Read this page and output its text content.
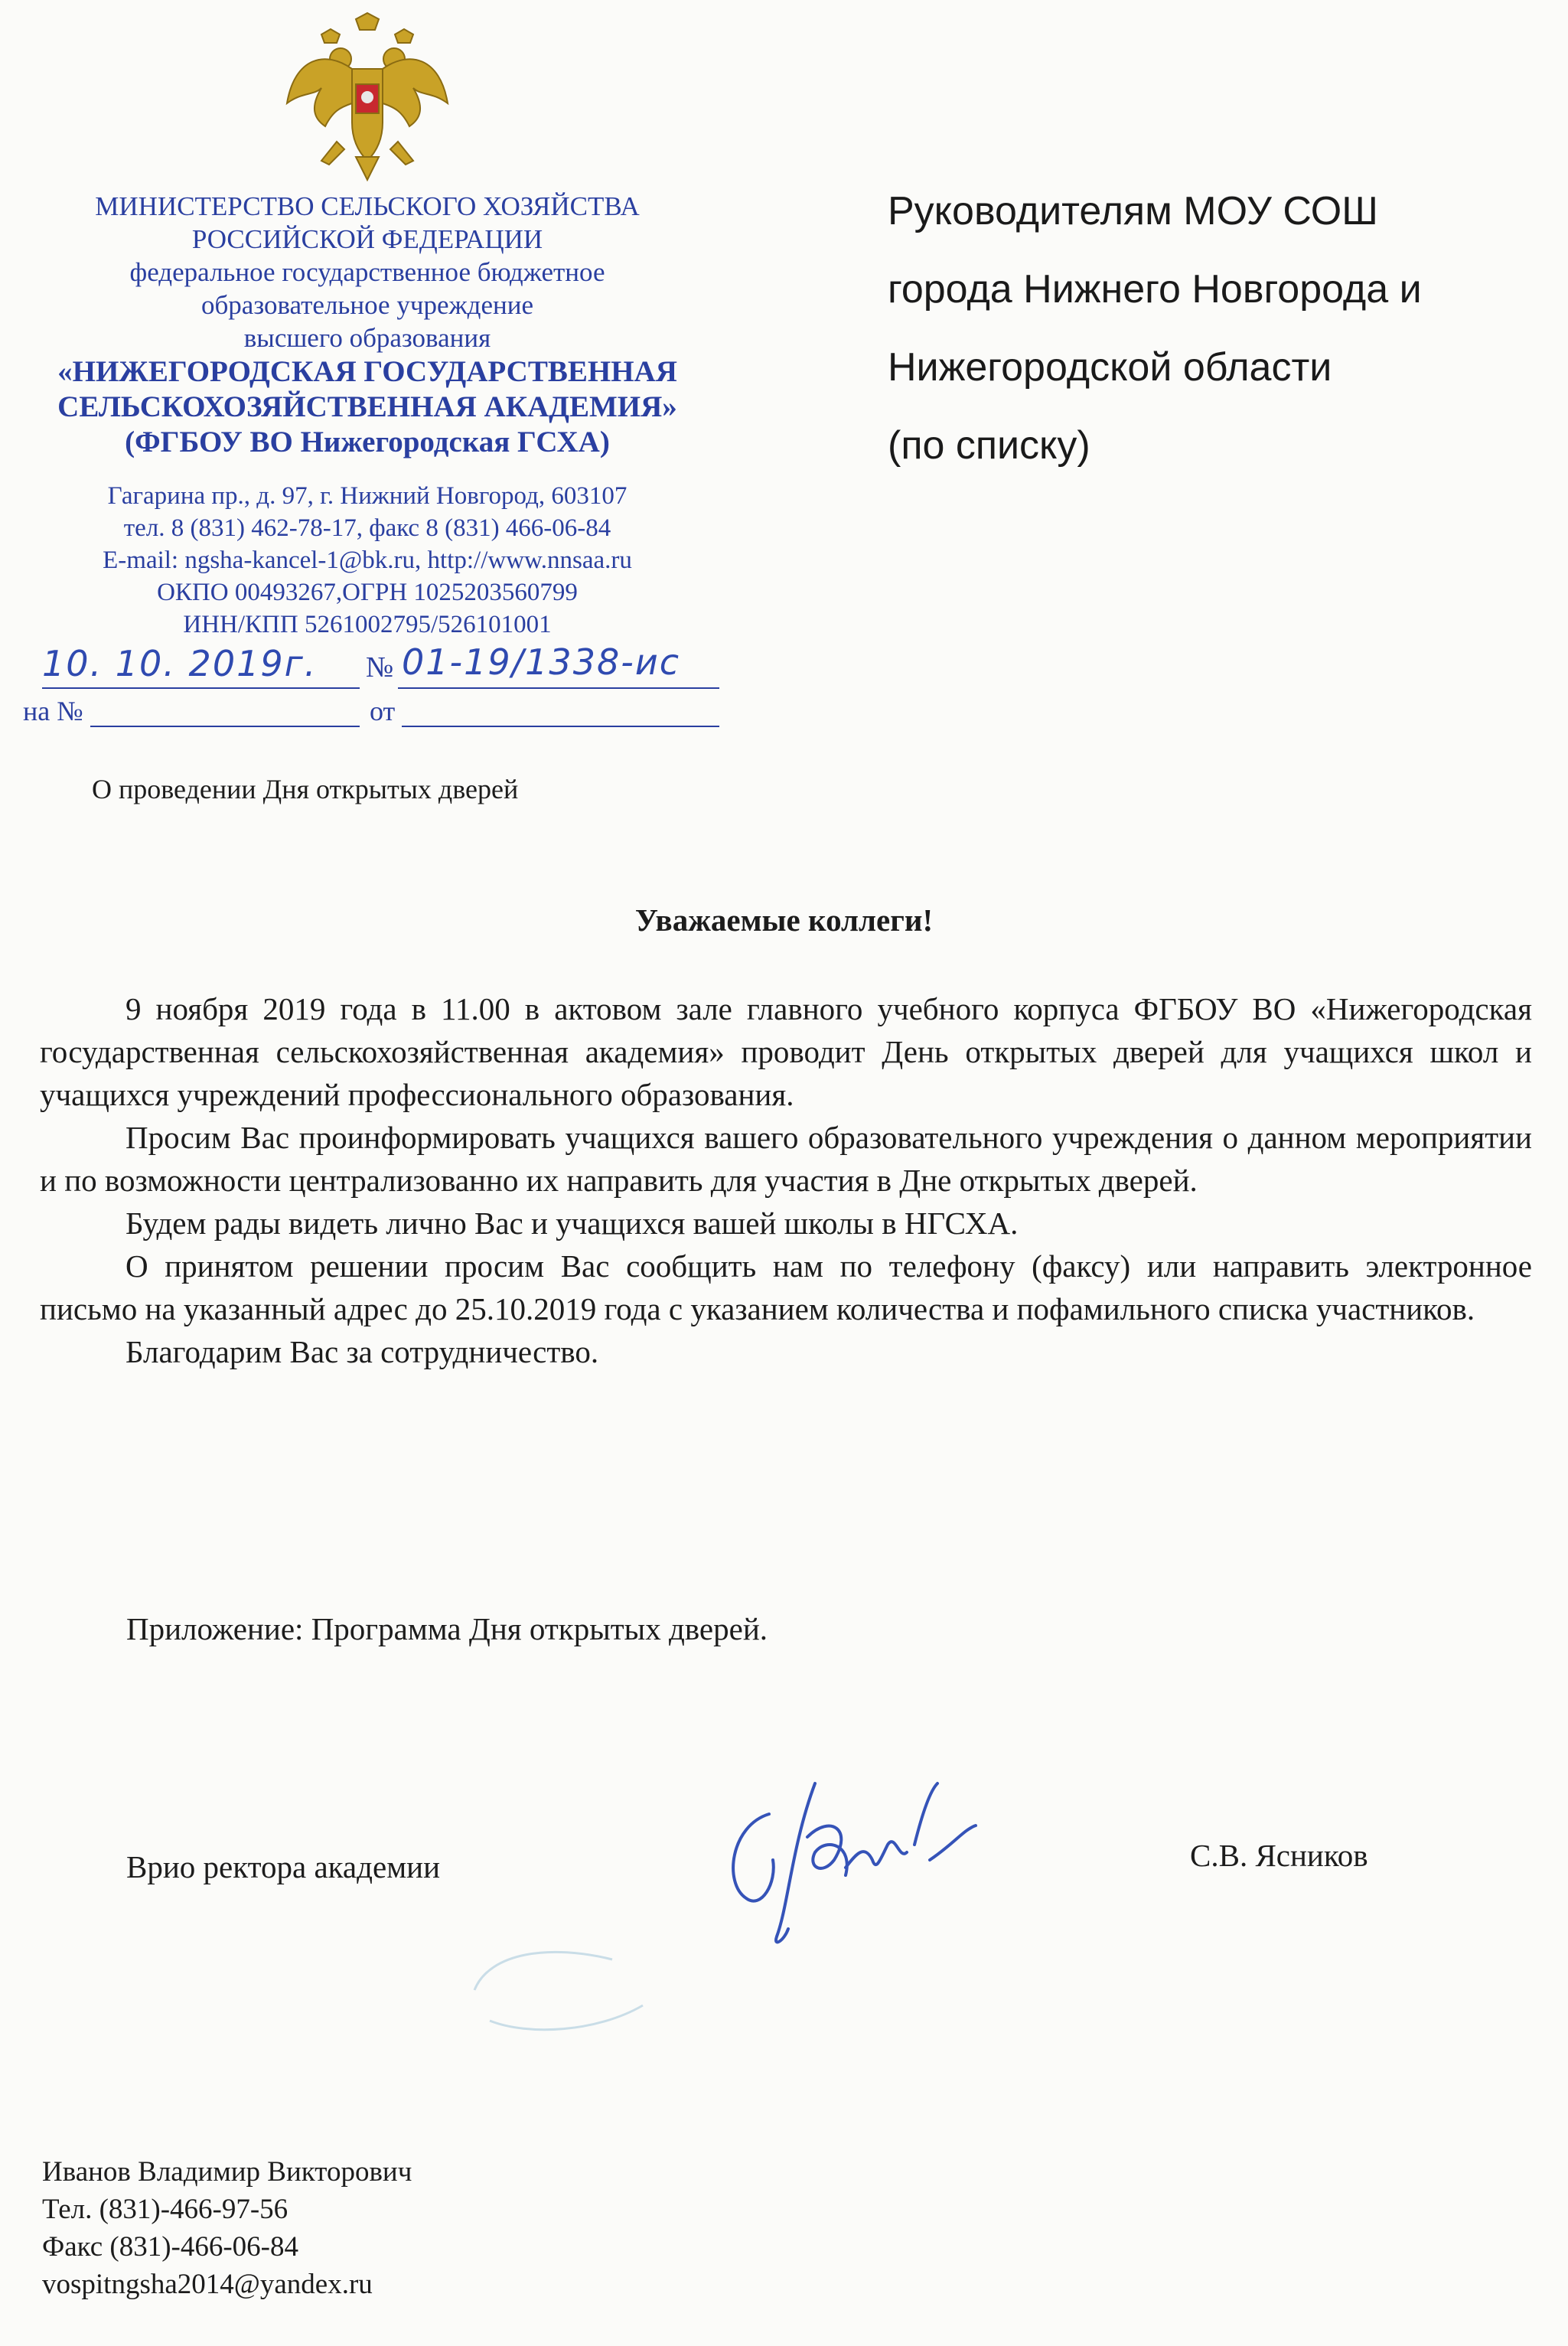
МИНИСТЕРСТВО СЕЛЬСКОГО ХОЗЯЙСТВА
РОССИЙСКОЙ ФЕДЕРАЦИИ
федеральное государственное бюджетное
образовательное учреждение
высшего образования
«НИЖЕГОРОДСКАЯ ГОСУДАРСТВЕННАЯ
СЕЛЬСКОХОЗЯЙСТВЕННАЯ АКАДЕМИЯ»
(ФГБОУ ВО Нижегородская ГСХА)
Гагарина пр., д. 97, г. Нижний Новгород, 603107
тел. 8 (831) 462-78-17, факс 8 (831) 466-06-84
E-mail: ngsha-kancel-1@bk.ru, http://www.nnsaa.ru
ОКПО 00493267,ОГРН 1025203560799
ИНН/КПП 5261002795/526101001
10. 10. 2019г. № 01-19/1338-ис
на №	от
Руководителям МОУ СОШ
города Нижнего Новгорода и
Нижегородской области
(по списку)
О проведении Дня открытых дверей
Уважаемые коллеги!

9 ноября 2019 года в 11.00 в актовом зале главного учебного корпуса ФГБОУ ВО «Нижегородская государственная сельскохозяйственная академия» проводит День открытых дверей для учащихся школ и учащихся учреждений профессионального образования.

Просим Вас проинформировать учащихся вашего образовательного учреждения о данном мероприятии и по возможности централизованно их направить для участия в Дне открытых дверей.

Будем рады видеть лично Вас и учащихся вашей школы в НГСХА.

О принятом решении просим Вас сообщить нам по телефону (факсу) или направить электронное письмо на указанный адрес до 25.10.2019 года с указанием количества и пофамильного списка участников.

Благодарим Вас за сотрудничество.

Приложение: Программа Дня открытых дверей.
Врио ректора академии	С.В. Ясников
Иванов Владимир Викторович
Тел. (831)-466-97-56
Факс (831)-466-06-84
vospitngsha2014@yandex.ru
